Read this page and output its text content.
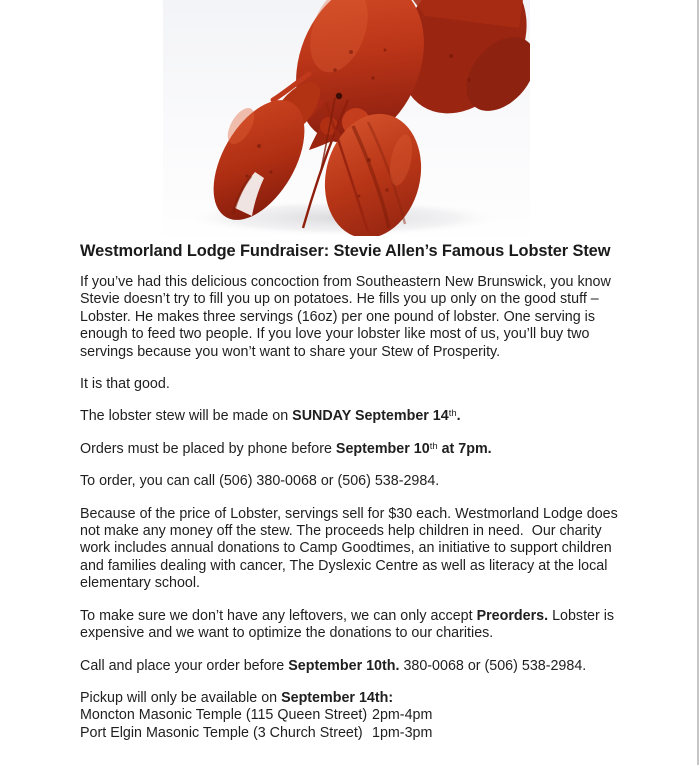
Westmorland Lodge Fundraiser: Stevie Allen’s Famous Lobster Stew

If you’ve had this delicious concoction from Southeastern New Brunswick, you know Stevie doesn’t try to fill you up on potatoes. He fills you up only on the good stuff – Lobster. He makes three servings (16oz) per one pound of lobster. One serving is enough to feed two people. If you love your lobster like most of us, you’ll buy two servings because you won’t want to share your Stew of Prosperity.

It is that good.

The lobster stew will be made on SUNDAY September 14th.

Orders must be placed by phone before September 10th at 7pm.

To order, you can call (506) 380-0068 or (506) 538-2984.

Because of the price of Lobster, servings sell for $30 each. Westmorland Lodge does not make any money off the stew. The proceeds help children in need.  Our charity work includes annual donations to Camp Goodtimes, an initiative to support children and families dealing with cancer, The Dyslexic Centre as well as literacy at the local elementary school.

To make sure we don’t have any leftovers, we can only accept Preorders. Lobster is expensive and we want to optimize the donations to our charities.

Call and place your order before September 10th. 380-0068 or (506) 538-2984.

Pickup will only be available on September 14th:

Moncton Masonic Temple (115 Queen Street) 2pm-4pm
Port Elgin Masonic Temple (3 Church Street) 1pm-3pm
